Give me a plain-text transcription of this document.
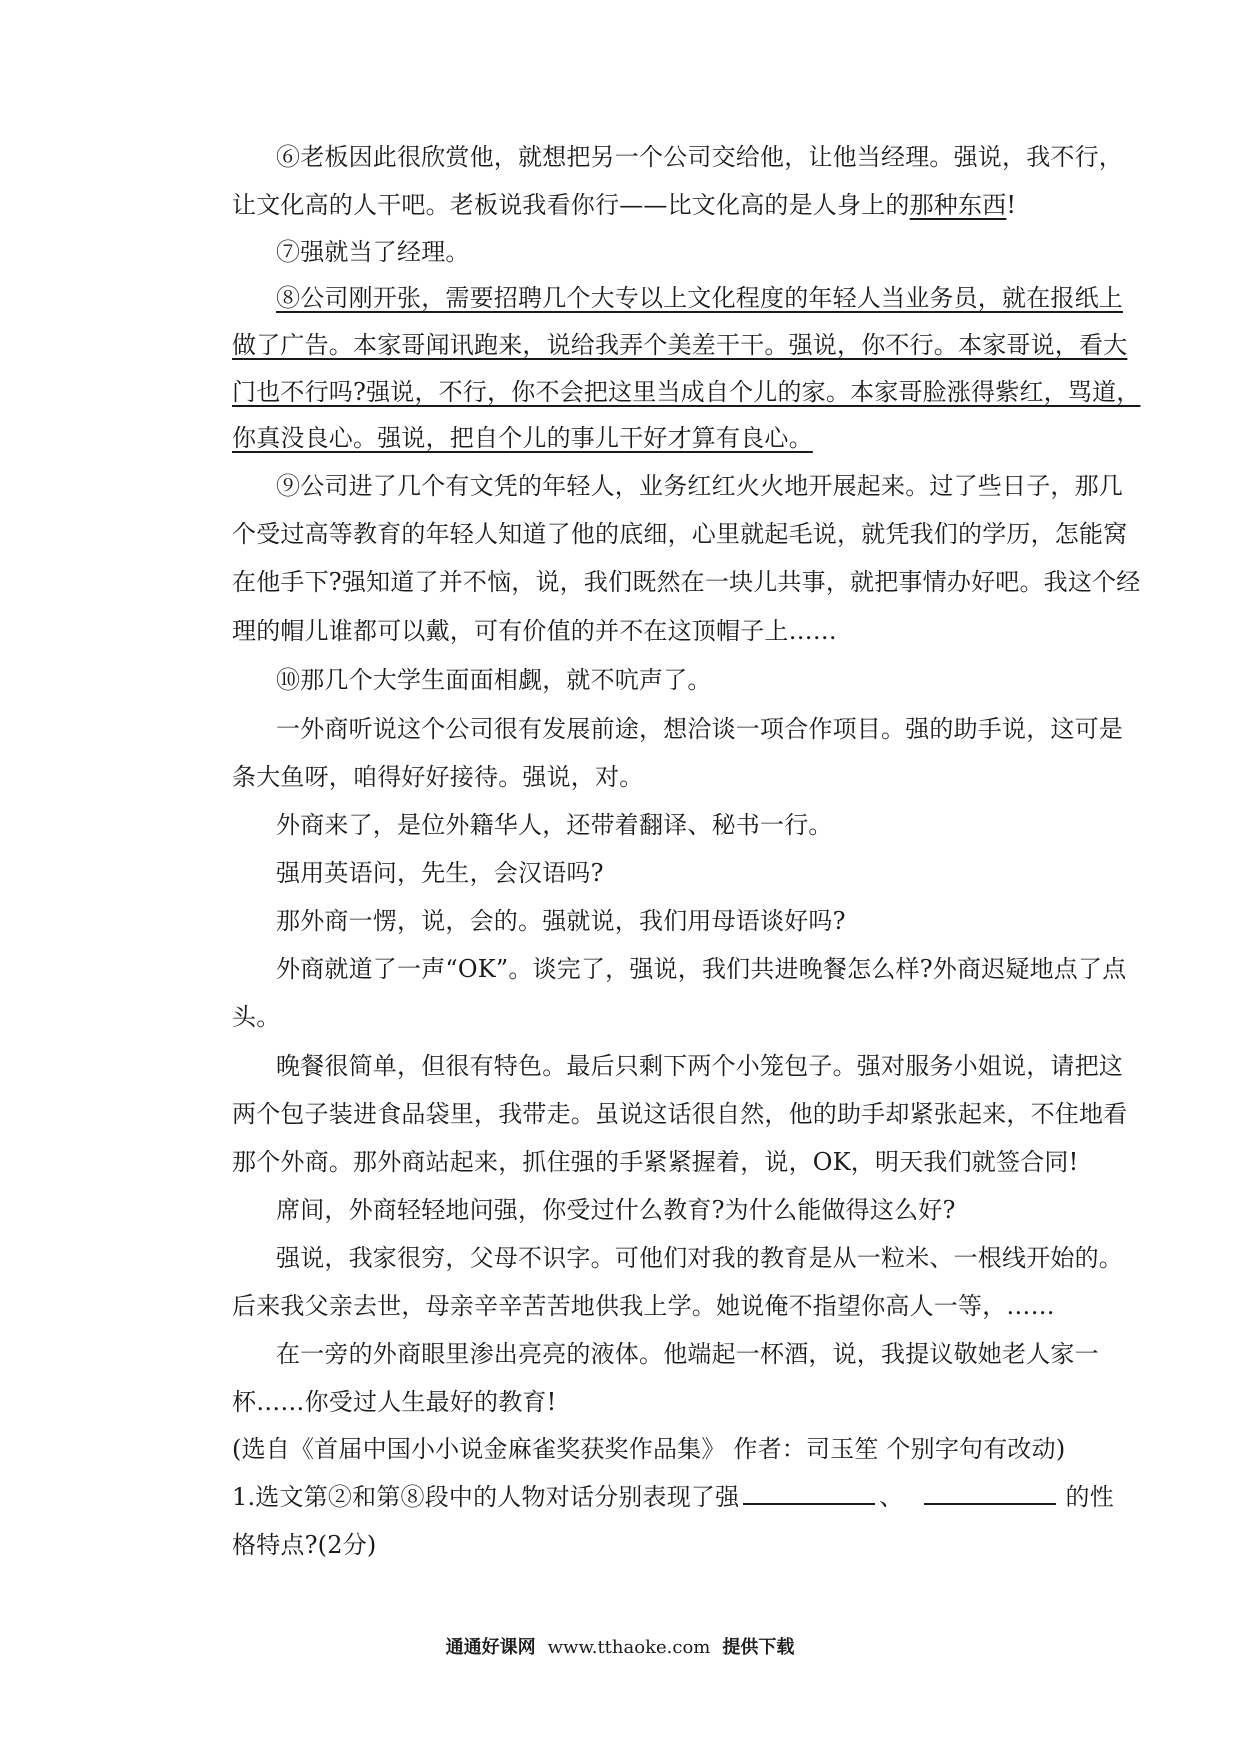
⑥老板因此很欣赏他，就想把另一个公司交给他，让他当经理。强说，我不行，
让文化高的人干吧。老板说我看你行——比文化高的是人身上的那种东西!
⑦强就当了经理。
⑧公司刚开张，需要招聘几个大专以上文化程度的年轻人当业务员，就在报纸上
做了广告。本家哥闻讯跑来，说给我弄个美差干干。强说，你不行。本家哥说，看大
门也不行吗?强说，不行，你不会把这里当成自个儿的家。本家哥脸涨得紫红，骂道，
你真没良心。强说，把自个儿的事儿干好才算有良心。
⑨公司进了几个有文凭的年轻人，业务红红火火地开展起来。过了些日子，那几
个受过高等教育的年轻人知道了他的底细，心里就起毛说，就凭我们的学历，怎能窝
在他手下?强知道了并不恼，说，我们既然在一块儿共事，就把事情办好吧。我这个经
理的帽儿谁都可以戴，可有价值的并不在这顶帽子上……
⑩那几个大学生面面相觑，就不吭声了。
一外商听说这个公司很有发展前途，想洽谈一项合作项目。强的助手说，这可是
条大鱼呀，咱得好好接待。强说，对。
外商来了，是位外籍华人，还带着翻译、秘书一行。
强用英语问，先生，会汉语吗?
那外商一愣，说，会的。强就说，我们用母语谈好吗?
外商就道了一声“OK”。谈完了，强说，我们共进晚餐怎么样?外商迟疑地点了点
头。
晚餐很简单，但很有特色。最后只剩下两个小笼包子。强对服务小姐说，请把这
两个包子装进食品袋里，我带走。虽说这话很自然，他的助手却紧张起来，不住地看
那个外商。那外商站起来，抓住强的手紧紧握着，说，OK，明天我们就签合同!
席间，外商轻轻地问强，你受过什么教育?为什么能做得这么好?
强说，我家很穷，父母不识字。可他们对我的教育是从一粒米、一根线开始的。
后来我父亲去世，母亲辛辛苦苦地供我上学。她说俺不指望你高人一等，……
在一旁的外商眼里渗出亮亮的液体。他端起一杯酒，说，我提议敬她老人家一
杯……你受过人生最好的教育!
(选自《首届中国小小说金麻雀奖获奖作品集》 作者：司玉笙 个别字句有改动)
1.选文第②和第⑧段中的人物对话分别表现了强	、	的性
格特点?(2分)
通通好课网 www.tthaoke.com 提供下载
